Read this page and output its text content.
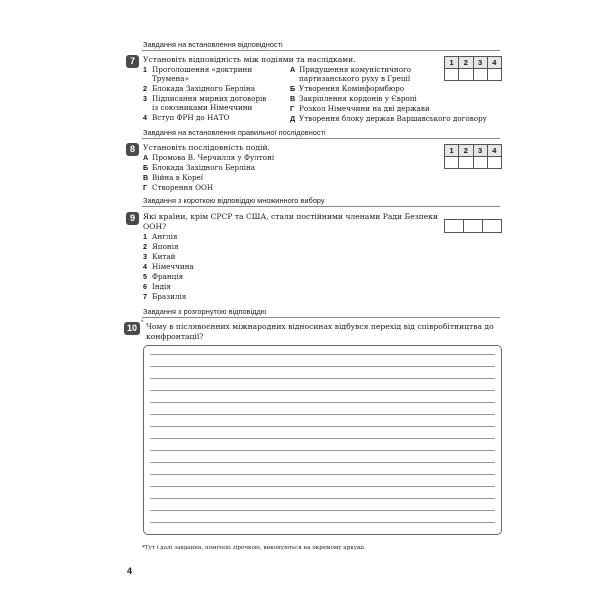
Завдання на встановлення відповідності
7	Установіть відповідність між подіями та наслідками.
1 Проголошення «доктрини
Трумена»
2 Блокада Західного Берліна
3 Підписання мирних договорів
із союзниками Німеччини
4 Вступ ФРН до НАТО
А Придушення комуністичного
партизанського руху в Греції
Б Утворення Комінформбюро
В Закріплення кордонів у Європі
Г Розкол Німеччини на дві держави
Д Утворення блоку держав Варшавського договору
1	2	3	4
Завдання на встановлення правильної послідовності
8	Установіть послідовність подій.
А Промова В. Черчилля у Фултоні
Б Блокада Західного Берліна
В Війна в Кореї
Г Створення ООН
1	2	3	4
Завдання з короткою відповіддю множинного вибору
9	Які країни, крім СРСР та США, стали постійними членами Ради Безпеки
ООН?
1 Англія
2 Японія
3 Китай
4 Німеччина
5 Франція
6 Індія
7 Бразилія
Завдання з розгорнутою відповіддю
10 * Чому в післявоєнних міжнародних відносинах відбувся перехід від співробітництва до
конфронтації?
*Тут і далі завдання, помічені зірочкою, виконуються на окремому аркуші.
4
